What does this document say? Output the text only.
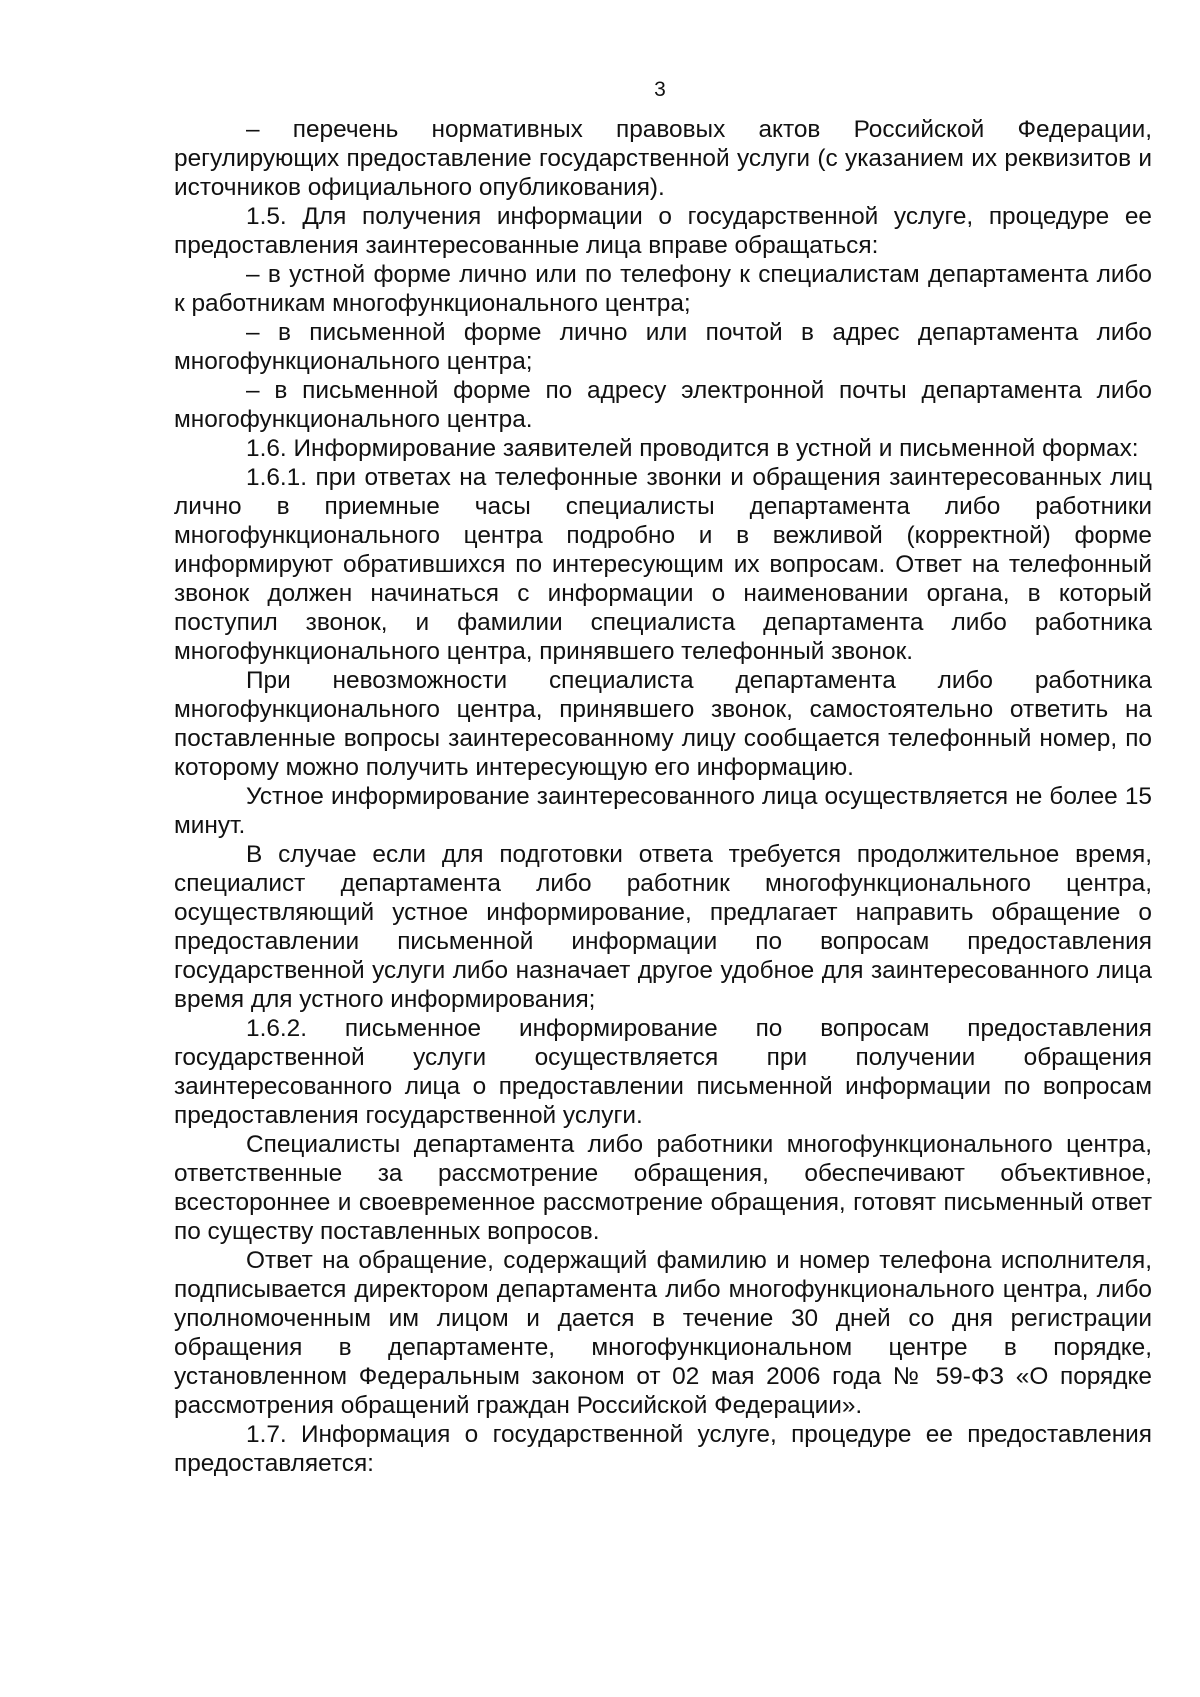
3

– перечень нормативных правовых актов Российской Федерации, регулирующих предоставление государственной услуги (с указанием их реквизитов и источников официального опубликования).

1.5. Для получения информации о государственной услуге, процедуре ее предоставления заинтересованные лица вправе обращаться:

– в устной форме лично или по телефону к специалистам департамента либо к работникам многофункционального центра;

– в письменной форме лично или почтой в адрес департамента либо многофункционального центра;

– в письменной форме по адресу электронной почты департамента либо многофункционального центра.

1.6. Информирование заявителей проводится в устной и письменной формах:

1.6.1. при ответах на телефонные звонки и обращения заинтересованных лиц лично в приемные часы специалисты департамента либо работники многофункционального центра подробно и в вежливой (корректной) форме информируют обратившихся по интересующим их вопросам. Ответ на телефонный звонок должен начинаться с информации о наименовании органа, в который поступил звонок, и фамилии специалиста департамента либо работника многофункционального центра, принявшего телефонный звонок.

При невозможности специалиста департамента либо работника многофункционального центра, принявшего звонок, самостоятельно ответить на поставленные вопросы заинтересованному лицу сообщается телефонный номер, по которому можно получить интересующую его информацию.

Устное информирование заинтересованного лица осуществляется не более 15 минут.

В случае если для подготовки ответа требуется продолжительное время, специалист департамента либо работник многофункционального центра, осуществляющий устное информирование, предлагает направить обращение о предоставлении письменной информации по вопросам предоставления государственной услуги либо назначает другое удобное для заинтересованного лица время для устного информирования;

1.6.2. письменное информирование по вопросам предоставления государственной услуги осуществляется при получении обращения заинтересованного лица о предоставлении письменной информации по вопросам предоставления государственной услуги.

Специалисты департамента либо работники многофункционального центра, ответственные за рассмотрение обращения, обеспечивают объективное, всестороннее и своевременное рассмотрение обращения, готовят письменный ответ по существу поставленных вопросов.

Ответ на обращение, содержащий фамилию и номер телефона исполнителя, подписывается директором департамента либо многофункционального центра, либо уполномоченным им лицом и дается в течение 30 дней со дня регистрации обращения в департаменте, многофункциональном центре в порядке, установленном Федеральным законом от 02 мая 2006 года № 59-ФЗ «О порядке рассмотрения обращений граждан Российской Федерации».

1.7. Информация о государственной услуге, процедуре ее предоставления предоставляется:
